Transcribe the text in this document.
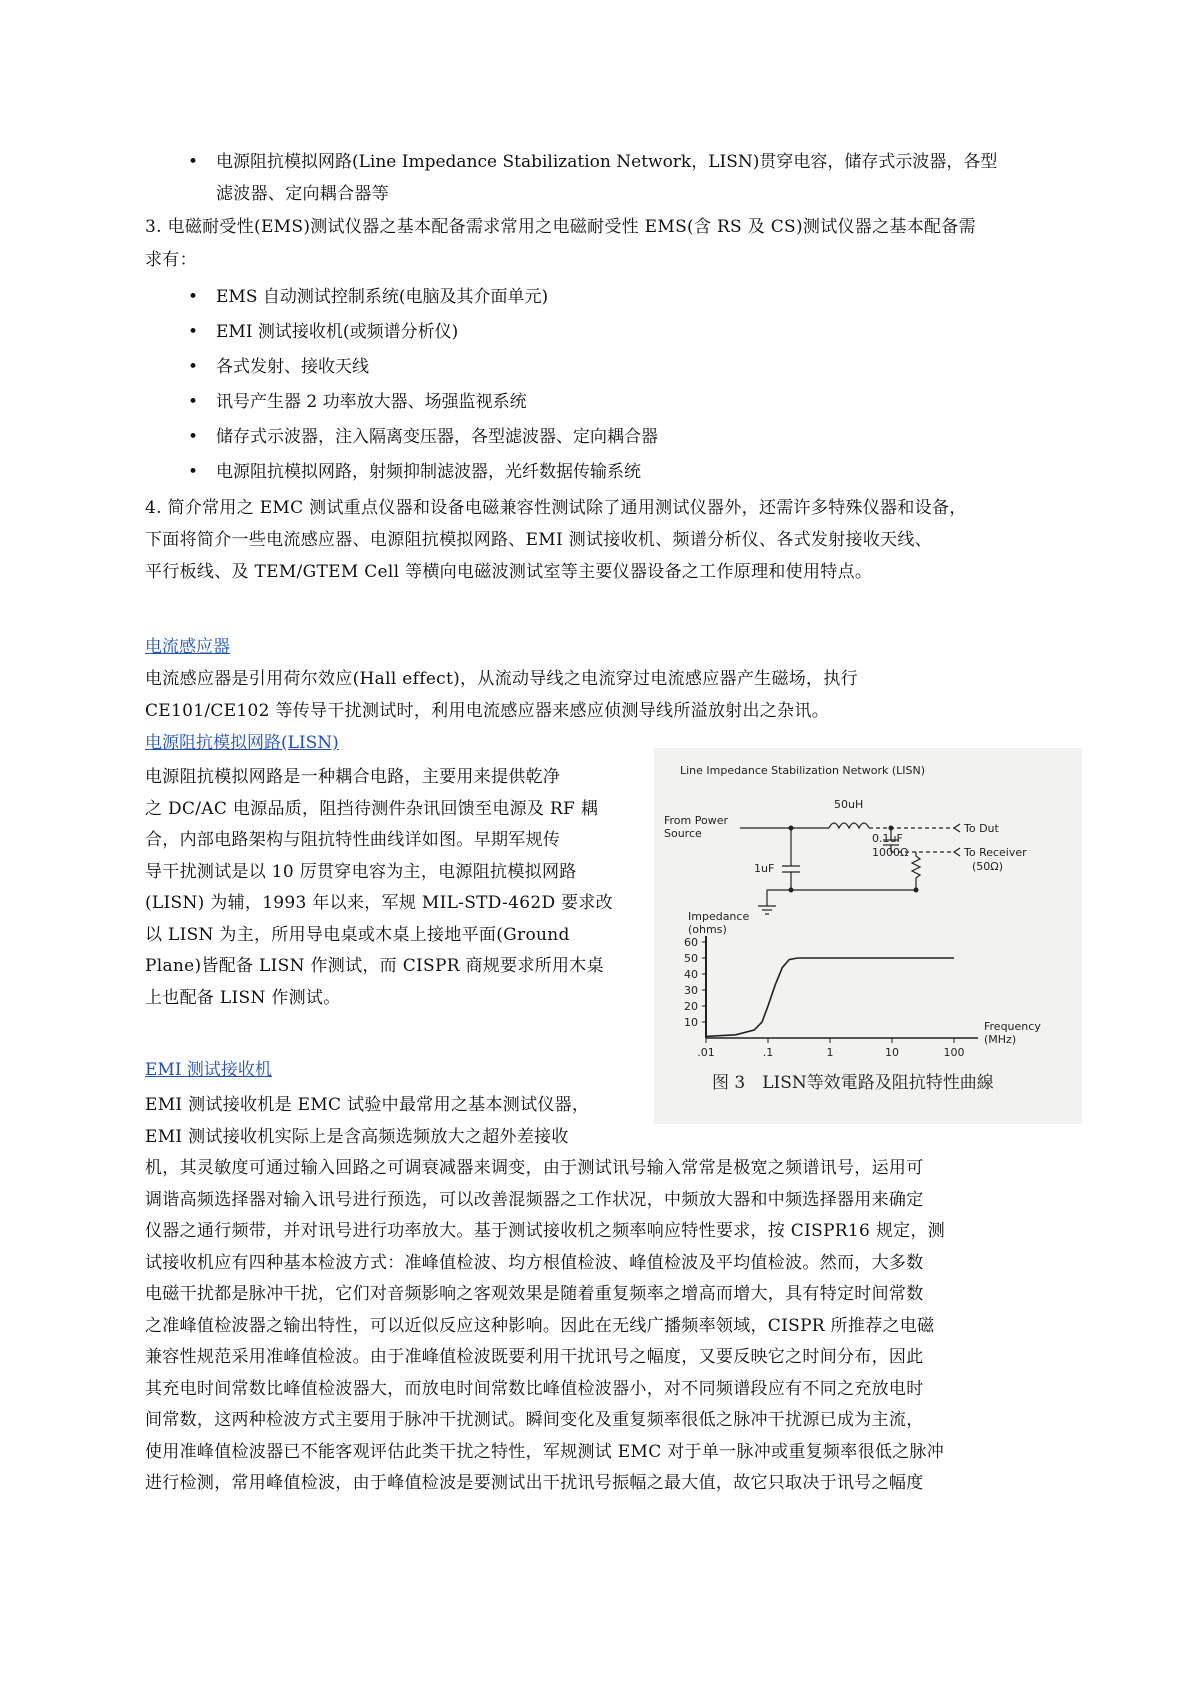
•	电源阻抗模拟网路(Line Impedance Stabilization Network，LISN)贯穿电容，储存式示波器，各型
滤波器、定向耦合器等
3. 电磁耐受性(EMS)测试仪器之基本配备需求常用之电磁耐受性 EMS(含 RS 及 CS)测试仪器之基本配备需
求有：
•	EMS 自动测试控制系统(电脑及其介面单元)
•	EMI 测试接收机(或频谱分析仪)
•	各式发射、接收天线
•	讯号产生器 2 功率放大器、场强监视系统
•	储存式示波器，注入隔离变压器，各型滤波器、定向耦合器
•	电源阻抗模拟网路，射频抑制滤波器，光纤数据传输系统
4. 简介常用之 EMC 测试重点仪器和设备电磁兼容性测试除了通用测试仪器外，还需许多特殊仪器和设备，
下面将简介一些电流感应器、电源阻抗模拟网路、EMI 测试接收机、频谱分析仪、各式发射接收天线、
平行板线、及 TEM/GTEM Cell 等横向电磁波测试室等主要仪器设备之工作原理和使用特点。
电流感应器
电流感应器是引用荷尔效应(Hall effect)，从流动导线之电流穿过电流感应器产生磁场，执行
CE101/CE102 等传导干扰测试时，利用电流感应器来感应侦测导线所溢放射出之杂讯。
电源阻抗模拟网路(LISN)
电源阻抗模拟网路是一种耦合电路，主要用来提供乾净
之 DC/AC 电源品质，阻挡待测件杂讯回馈至电源及 RF 耦
合，内部电路架构与阻抗特性曲线详如图。早期军规传
导干扰测试是以 10 厉贯穿电容为主，电源阻抗模拟网路
(LISN) 为辅，1993 年以来，军规 MIL-STD-462D 要求改
以 LISN 为主，所用导电桌或木桌上接地平面(Ground
Plane)皆配备 LISN 作测试，而 CISPR 商规要求所用木桌
上也配备 LISN 作测试。
EMI 测试接收机
EMI 测试接收机是 EMC 试验中最常用之基本测试仪器，
EMI 测试接收机实际上是含高频选频放大之超外差接收
机，其灵敏度可通过输入回路之可调衰减器来调变，由于测试讯号输入常常是极宽之频谱讯号，运用可
调谐高频选择器对输入讯号进行预选，可以改善混频器之工作状况，中频放大器和中频选择器用来确定
仪器之通行频带，并对讯号进行功率放大。基于测试接收机之频率响应特性要求，按 CISPR16 规定，测
试接收机应有四种基本检波方式：准峰值检波、均方根值检波、峰值检波及平均值检波。然而，大多数
电磁干扰都是脉冲干扰，它们对音频影响之客观效果是随着重复频率之增高而增大，具有特定时间常数
之准峰值检波器之输出特性，可以近似反应这种影响。因此在无线广播频率领域，CISPR 所推荐之电磁
兼容性规范采用准峰值检波。由于准峰值检波既要利用干扰讯号之幅度，又要反映它之时间分布，因此
其充电时间常数比峰值检波器大，而放电时间常数比峰值检波器小，对不同频谱段应有不同之充放电时
间常数，这两种检波方式主要用于脉冲干扰测试。瞬间变化及重复频率很低之脉冲干扰源已成为主流，
使用准峰值检波器已不能客观评估此类干扰之特性，军规测试 EMC 对于单一脉冲或重复频率很低之脉冲
进行检测，常用峰值检波，由于峰值检波是要测试出干扰讯号振幅之最大值，故它只取决于讯号之幅度
Line Impedance Stabilization Network (LISN)
From Power
Source
50uH
1uF
0.1uF
1000Ω
To Dut
To Receiver
(50Ω)
Impedance
(ohms)
Frequency
(MHz)
10
20
30
40
50
60
.01	.1	1	10	100
图 3　LISN等效電路及阻抗特性曲線
